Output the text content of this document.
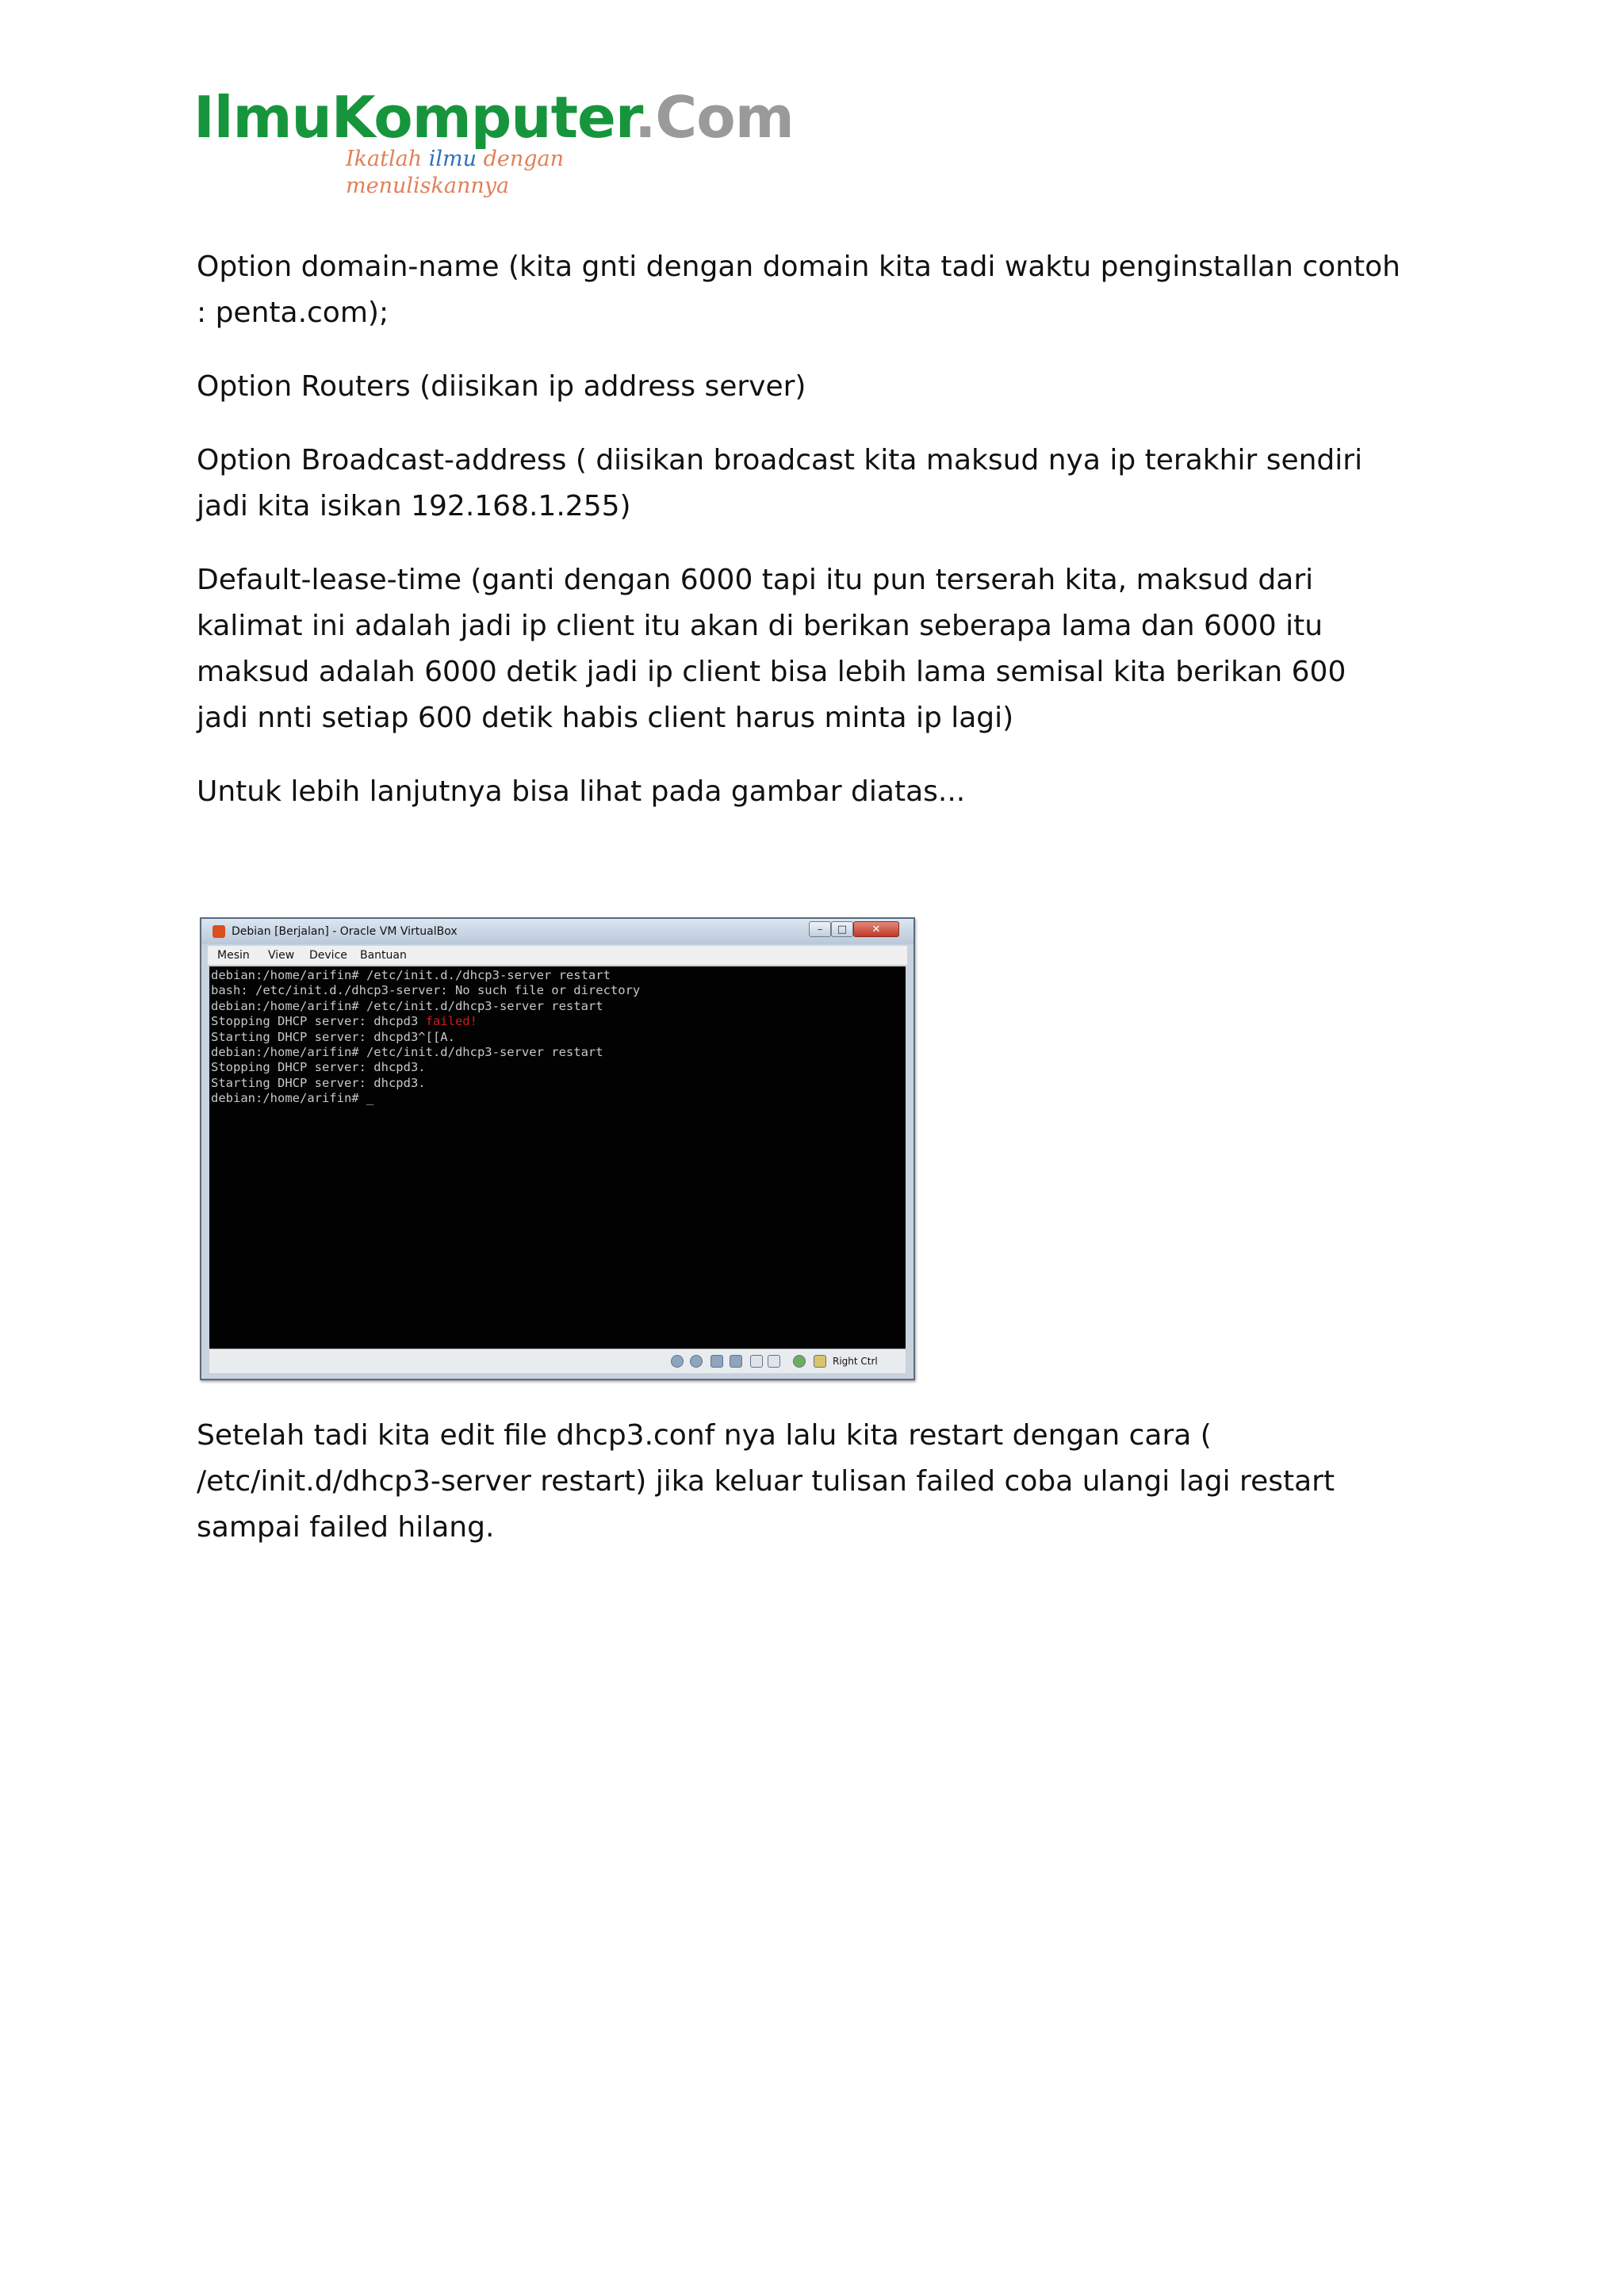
IlmuKomputer.Com
Ikatlah ilmu dengan menuliskannya

Option domain-name (kita gnti dengan domain kita tadi waktu penginstallan contoh : penta.com);

Option Routers (diisikan ip address server)

Option Broadcast-address ( diisikan broadcast kita maksud nya ip terakhir sendiri jadi kita isikan 192.168.1.255)

Default-lease-time (ganti dengan 6000 tapi itu pun terserah kita, maksud dari kalimat ini adalah jadi ip client itu akan di berikan seberapa lama dan 6000 itu maksud adalah 6000 detik jadi ip client bisa lebih lama semisal kita berikan 600 jadi nnti setiap 600 detik habis client harus minta ip lagi)

Untuk lebih lanjutnya bisa lihat pada gambar diatas...

Debian [Berjalan] - Oracle VM VirtualBox	–	□	✕
Mesin View Device Bantuan
debian:/home/arifin# /etc/init.d./dhcp3-server restart
bash: /etc/init.d./dhcp3-server: No such file or directory
debian:/home/arifin# /etc/init.d/dhcp3-server restart
Stopping DHCP server: dhcpd3 failed!
Starting DHCP server: dhcpd3^[[A.
debian:/home/arifin# /etc/init.d/dhcp3-server restart
Stopping DHCP server: dhcpd3.
Starting DHCP server: dhcpd3.
debian:/home/arifin# _
Right Ctrl

Setelah tadi kita edit file dhcp3.conf nya lalu kita restart dengan cara ( /etc/init.d/dhcp3-server restart) jika keluar tulisan failed coba ulangi lagi restart sampai failed hilang.
